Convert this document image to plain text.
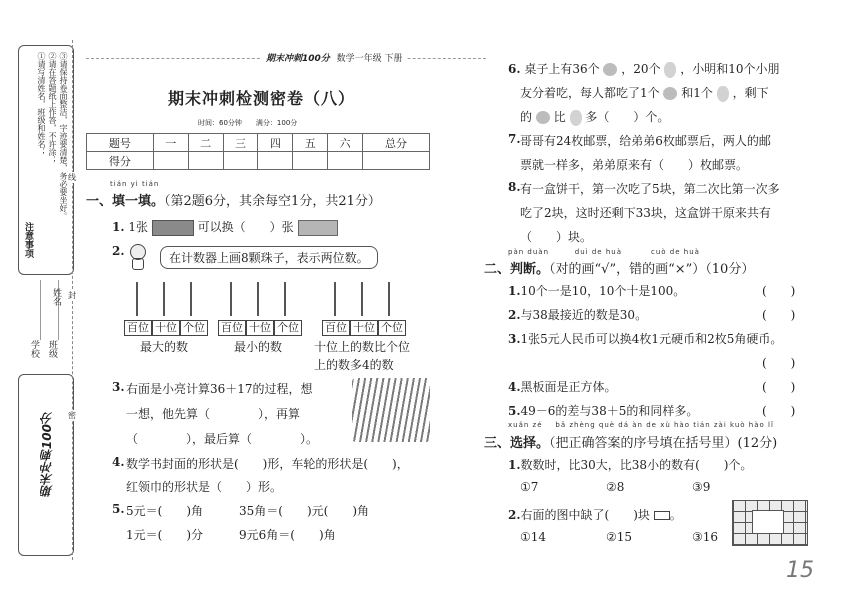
注意事项
①请写清姓名，班级和姓名； ②请在答题纸上作答，不许涂； ③请保持卷面整洁，字迹要清楚，务必要坐好。
学校 班级
姓名
期末冲刺100分
线
封
密
期末冲刺100分 数学一年级 下册
期末冲刺检测密卷（八）
时间：60分钟　　满分：100分
题号	一	二	三	四	五	六	总分
得分							
tián yi tián
一、填一填。（第2题6分，其余每空1分，共21分）
1. 1张	可以换（　　）张
2.	在计数器上画8颗珠子，表示两位数。
百位 十位 个位 百位 十位 个位 百位 十位 个位
最大的数	最小的数	十位上的数比个位
上的数多4的数
3. 右面是小亮计算36＋17的过程，想
一想，他先算（　　　　），再算
（　　　　），最后算（　　　　）。
4. 数学书封面的形状是(　　)形，车轮的形状是(　　)，
红领巾的形状是（　　）形。
5. 5元＝(　　)角　　　35角＝(　　)元(　　)角
1元＝(　　)分　　　9元6角＝(　　)角
6. 桌子上有36个 ，20个 ，小明和10个小朋
友分着吃，每人都吃了1个 和1个 ，剩下
的 比 多（　　）个。
7. 哥哥有24枚邮票，给弟弟6枚邮票后，两人的邮
票就一样多，弟弟原来有（　　）枚邮票。
8. 有一盒饼干，第一次吃了5块，第二次比第一次多
吃了2块，这时还剩下33块，这盒饼干原来共有
（　　）块。
pàn duàn        duì de huà         cuò de huà
二、判断。（对的画“√”，错的画“×”）（10分）
1.10个一是10，10个十是100。	(　　)
2.与38最接近的数是30。	(　　)
3.1张5元人民币可以换4枚1元硬币和2枚5角硬币。
(　　)
4.黑板面是正方体。	(　　)
5.49－6的差与38＋5的和同样多。	(　　)
xuǎn zé    bǎ zhèng què dá àn de xù hào tián zài kuò hào lǐ
三、选择。（把正确答案的序号填在括号里）(12分)
1.数数时，比30大，比38小的数有(　　)个。
①7	②8	③9
2.右面的图中缺了(　　)块 。
①14	②15	③16
15
